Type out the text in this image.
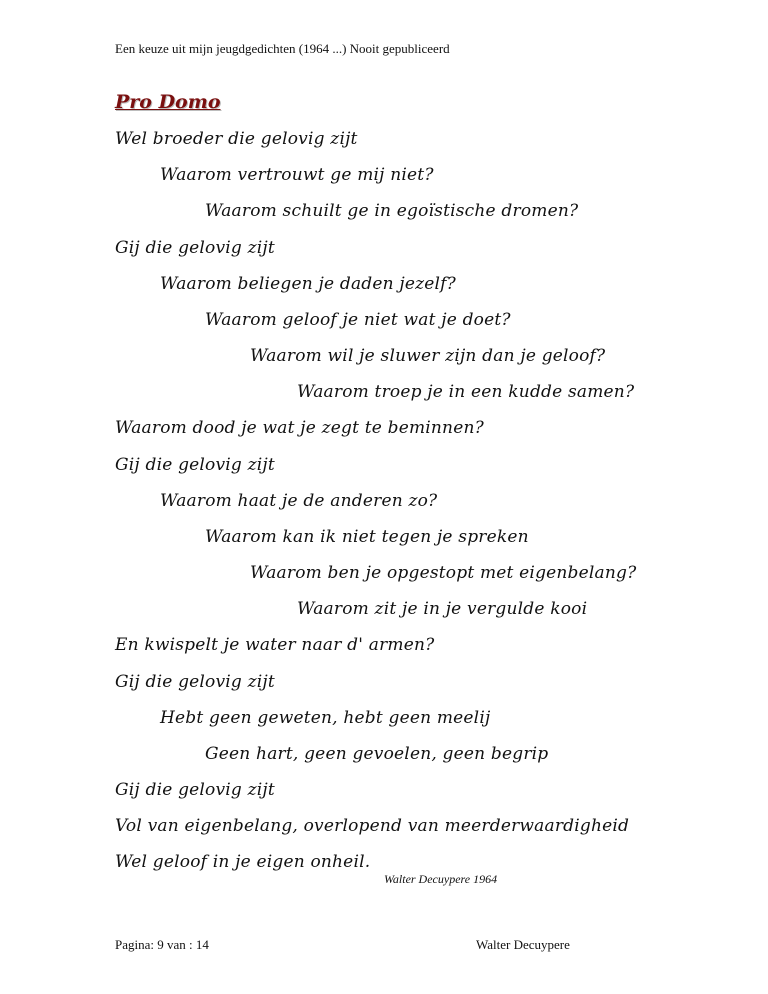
Een keuze uit mijn jeugdgedichten (1964 ...) Nooit gepubliceerd
Pro Domo
Wel broeder die gelovig zijt
Waarom vertrouwt ge mij niet?
Waarom schuilt ge in egoïstische dromen?
Gij die gelovig zijt
Waarom beliegen je daden jezelf?
Waarom geloof je niet wat je doet?
Waarom wil je sluwer zijn dan je geloof?
Waarom troep je in een kudde samen?
Waarom dood je wat je zegt te beminnen?
Gij die gelovig zijt
Waarom haat je de anderen zo?
Waarom kan ik niet tegen je spreken
Waarom ben je opgestopt met eigenbelang?
Waarom zit je in je vergulde kooi
En kwispelt je water naar d' armen?
Gij die gelovig zijt
Hebt geen geweten, hebt geen meelij
Geen hart, geen gevoelen, geen begrip
Gij die gelovig zijt
Vol van eigenbelang, overlopend van meerderwaardigheid
Wel geloof in je eigen onheil.
Walter Decuypere 1964
Pagina: 9 van : 14	Walter Decuypere
